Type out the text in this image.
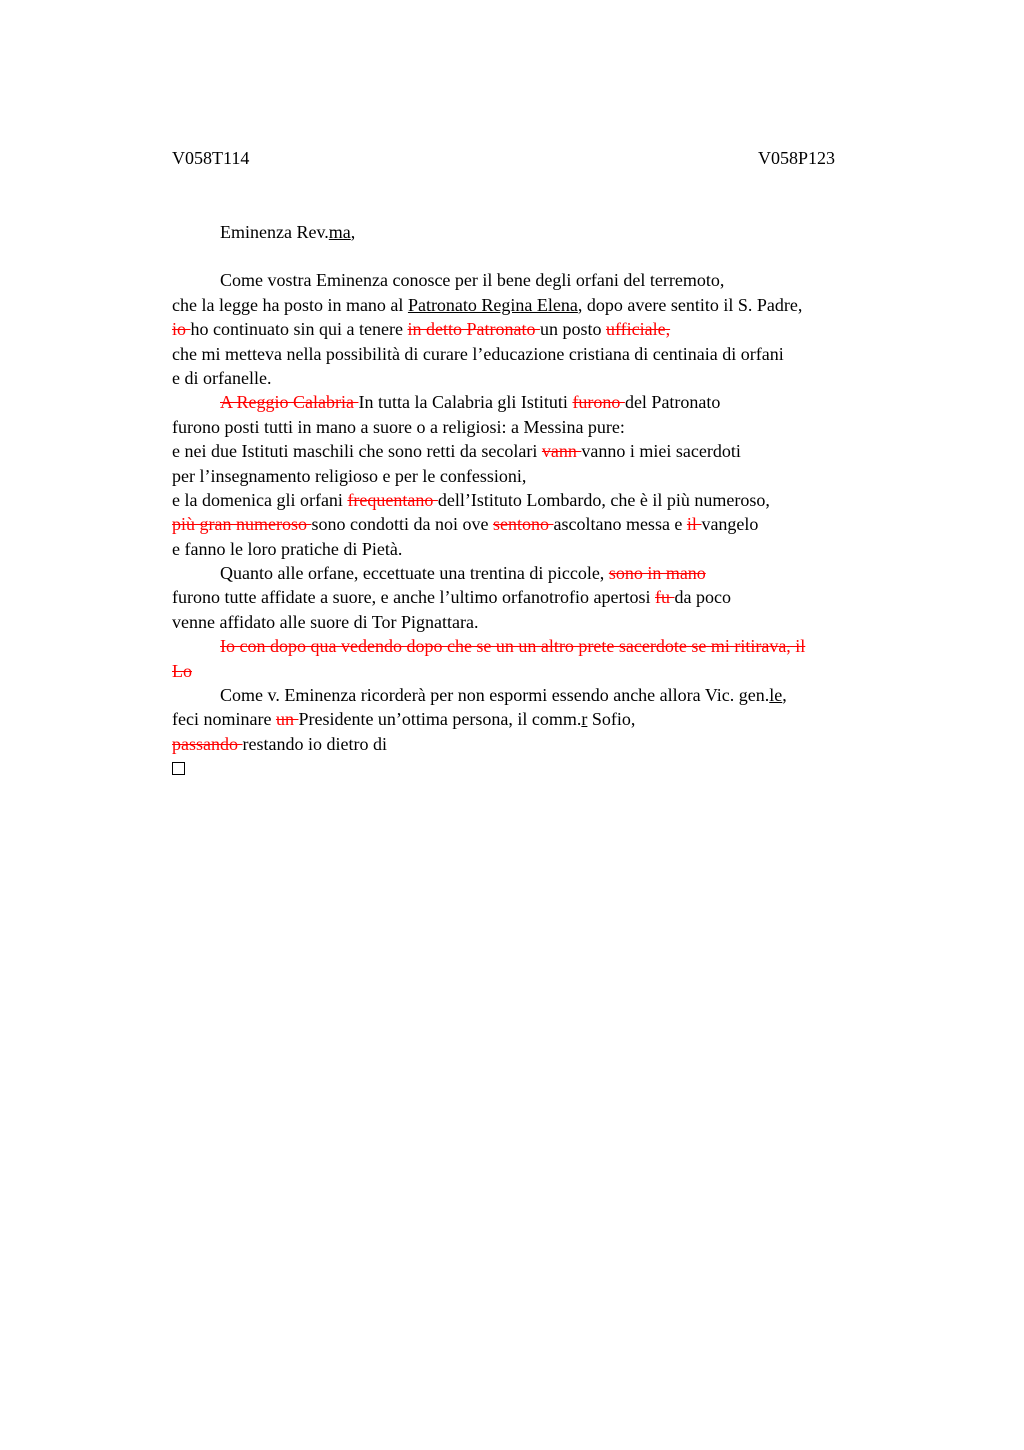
V058T114	V058P123
Eminenza Rev.ma,
Come vostra Eminenza conosce per il bene degli orfani del terremoto,
che la legge ha posto in mano al Patronato Regina Elena, dopo avere sentito il S. Padre,
io ho continuato sin qui a tenere in detto Patronato un posto ufficiale,
che mi metteva nella possibilità di curare l’educazione cristiana di centinaia di orfani
e di orfanelle.
A Reggio Calabria In tutta la Calabria gli Istituti furono del Patronato
furono posti tutti in mano a suore o a religiosi: a Messina pure:
e nei due Istituti maschili che sono retti da secolari vann vanno i miei sacerdoti
per l’insegnamento religioso e per le confessioni,
e la domenica gli orfani frequentano dell’Istituto Lombardo, che è il più numeroso,
più gran numeroso sono condotti da noi ove sentono ascoltano messa e il vangelo
e fanno le loro pratiche di Pietà.
Quanto alle orfane, eccettuate una trentina di piccole, sono in mano
furono tutte affidate a suore, e anche l’ultimo orfanotrofio apertosi fu da poco
venne affidato alle suore di Tor Pignattara.
Io con dopo qua vedendo dopo che se un un altro prete sacerdote se mi ritirava, il
Lo
Come v. Eminenza ricorderà per non espormi essendo anche allora Vic. gen.le,
feci nominare un Presidente un’ottima persona, il comm.r Sofio,
passando restando io dietro di
